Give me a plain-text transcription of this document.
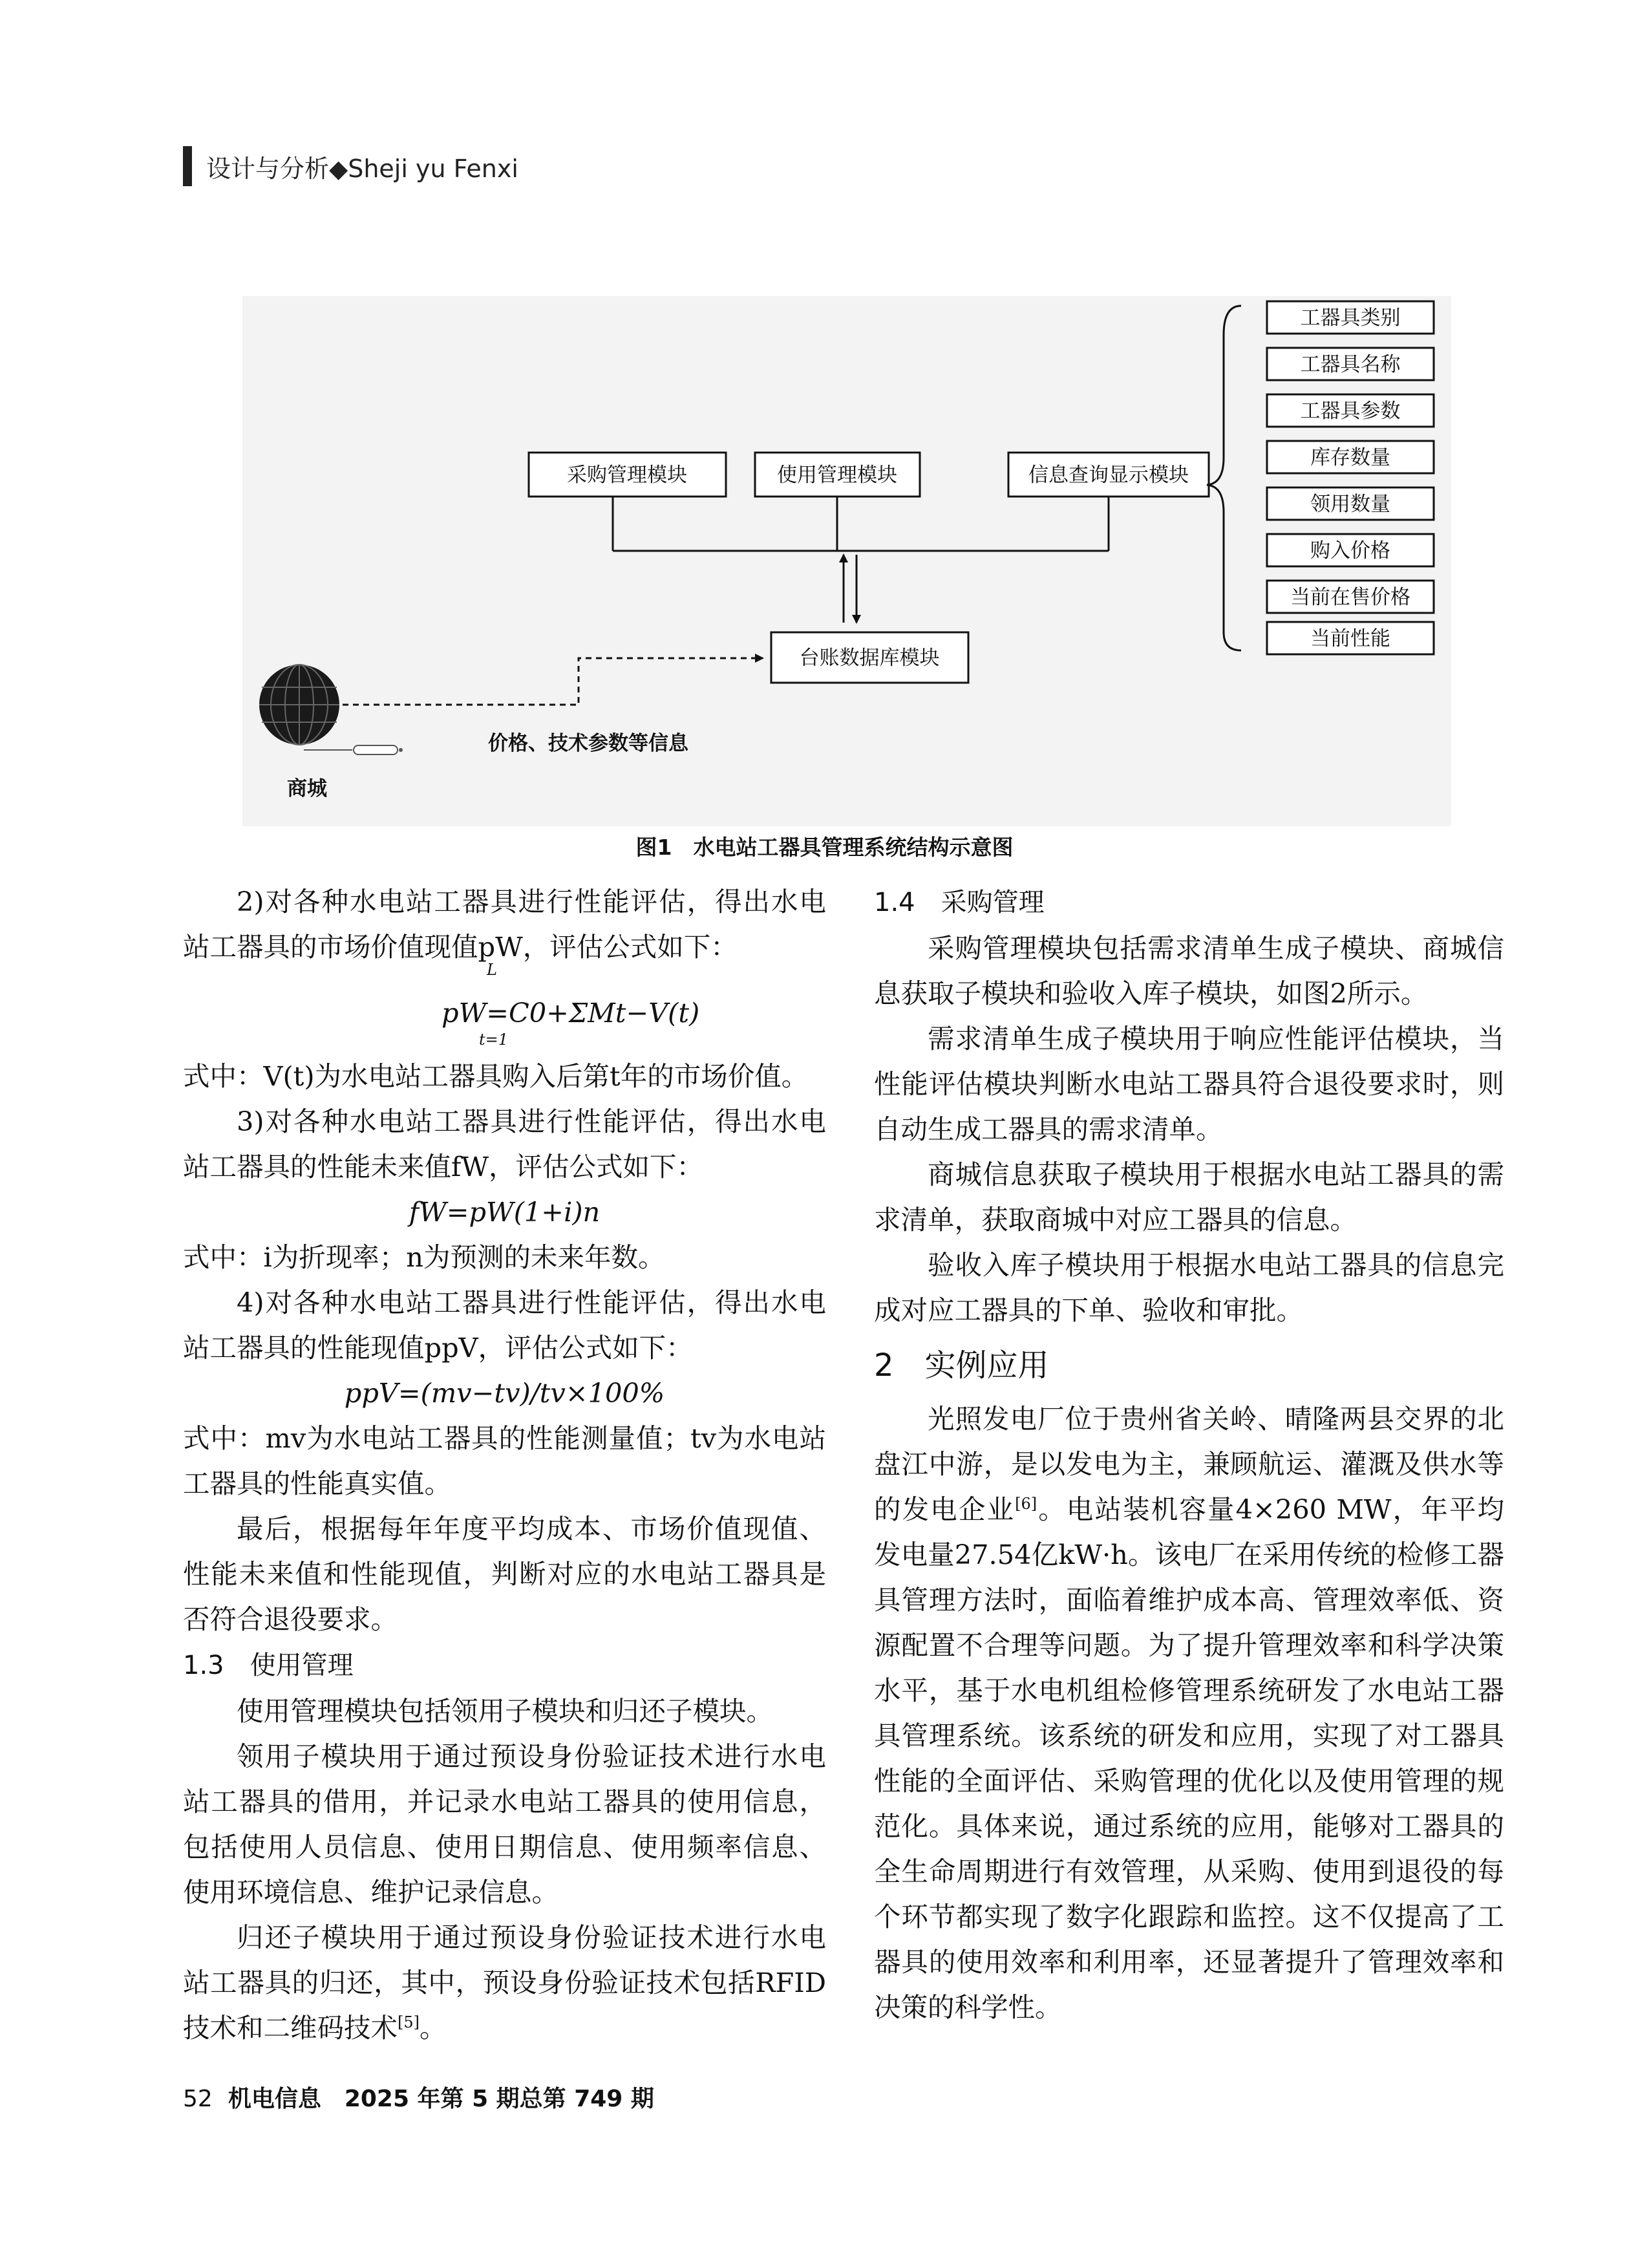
设计与分析◆Sheji yu Fenxi
采购管理模块	使用管理模块	信息查询显示模块
台账数据库模块
商城
价格、技术参数等信息
工器具类别
工器具名称
工器具参数
库存数量
领用数量
购入价格
当前在售价格
当前性能
图1　水电站工器具管理系统结构示意图

2)对各种水电站工器具进行性能评估，得出水电站工器具的市场价值现值pW，评估公式如下：

pW=C0+ΣMt−V(t)
L
t=1

式中：V(t)为水电站工器具购入后第t年的市场价值。

3)对各种水电站工器具进行性能评估，得出水电站工器具的性能未来值fW，评估公式如下：

fW=pW(1+i)n

式中：i为折现率；n为预测的未来年数。

4)对各种水电站工器具进行性能评估，得出水电站工器具的性能现值ppV，评估公式如下：

ppV=(mv−tv)/tv×100%

式中：mv为水电站工器具的性能测量值；tv为水电站工器具的性能真实值。

最后，根据每年年度平均成本、市场价值现值、性能未来值和性能现值，判断对应的水电站工器具是否符合退役要求。

1.3　使用管理

使用管理模块包括领用子模块和归还子模块。

领用子模块用于通过预设身份验证技术进行水电站工器具的借用，并记录水电站工器具的使用信息，包括使用人员信息、使用日期信息、使用频率信息、使用环境信息、维护记录信息。

归还子模块用于通过预设身份验证技术进行水电站工器具的归还，其中，预设身份验证技术包括RFID技术和二维码技术[5]。

1.4　采购管理

采购管理模块包括需求清单生成子模块、商城信息获取子模块和验收入库子模块，如图2所示。

需求清单生成子模块用于响应性能评估模块，当性能评估模块判断水电站工器具符合退役要求时，则自动生成工器具的需求清单。

商城信息获取子模块用于根据水电站工器具的需求清单，获取商城中对应工器具的信息。

验收入库子模块用于根据水电站工器具的信息完成对应工器具的下单、验收和审批。

2　实例应用

光照发电厂位于贵州省关岭、晴隆两县交界的北盘江中游，是以发电为主，兼顾航运、灌溉及供水等的发电企业[6]。电站装机容量4×260 MW，年平均发电量27.54亿kW·h。该电厂在采用传统的检修工器具管理方法时，面临着维护成本高、管理效率低、资源配置不合理等问题。为了提升管理效率和科学决策水平，基于水电机组检修管理系统研发了水电站工器具管理系统。该系统的研发和应用，实现了对工器具性能的全面评估、采购管理的优化以及使用管理的规范化。具体来说，通过系统的应用，能够对工器具的全生命周期进行有效管理，从采购、使用到退役的每个环节都实现了数字化跟踪和监控。这不仅提高了工器具的使用效率和利用率，还显著提升了管理效率和决策的科学性。

52 机电信息　2025 年第 5 期总第 749 期
